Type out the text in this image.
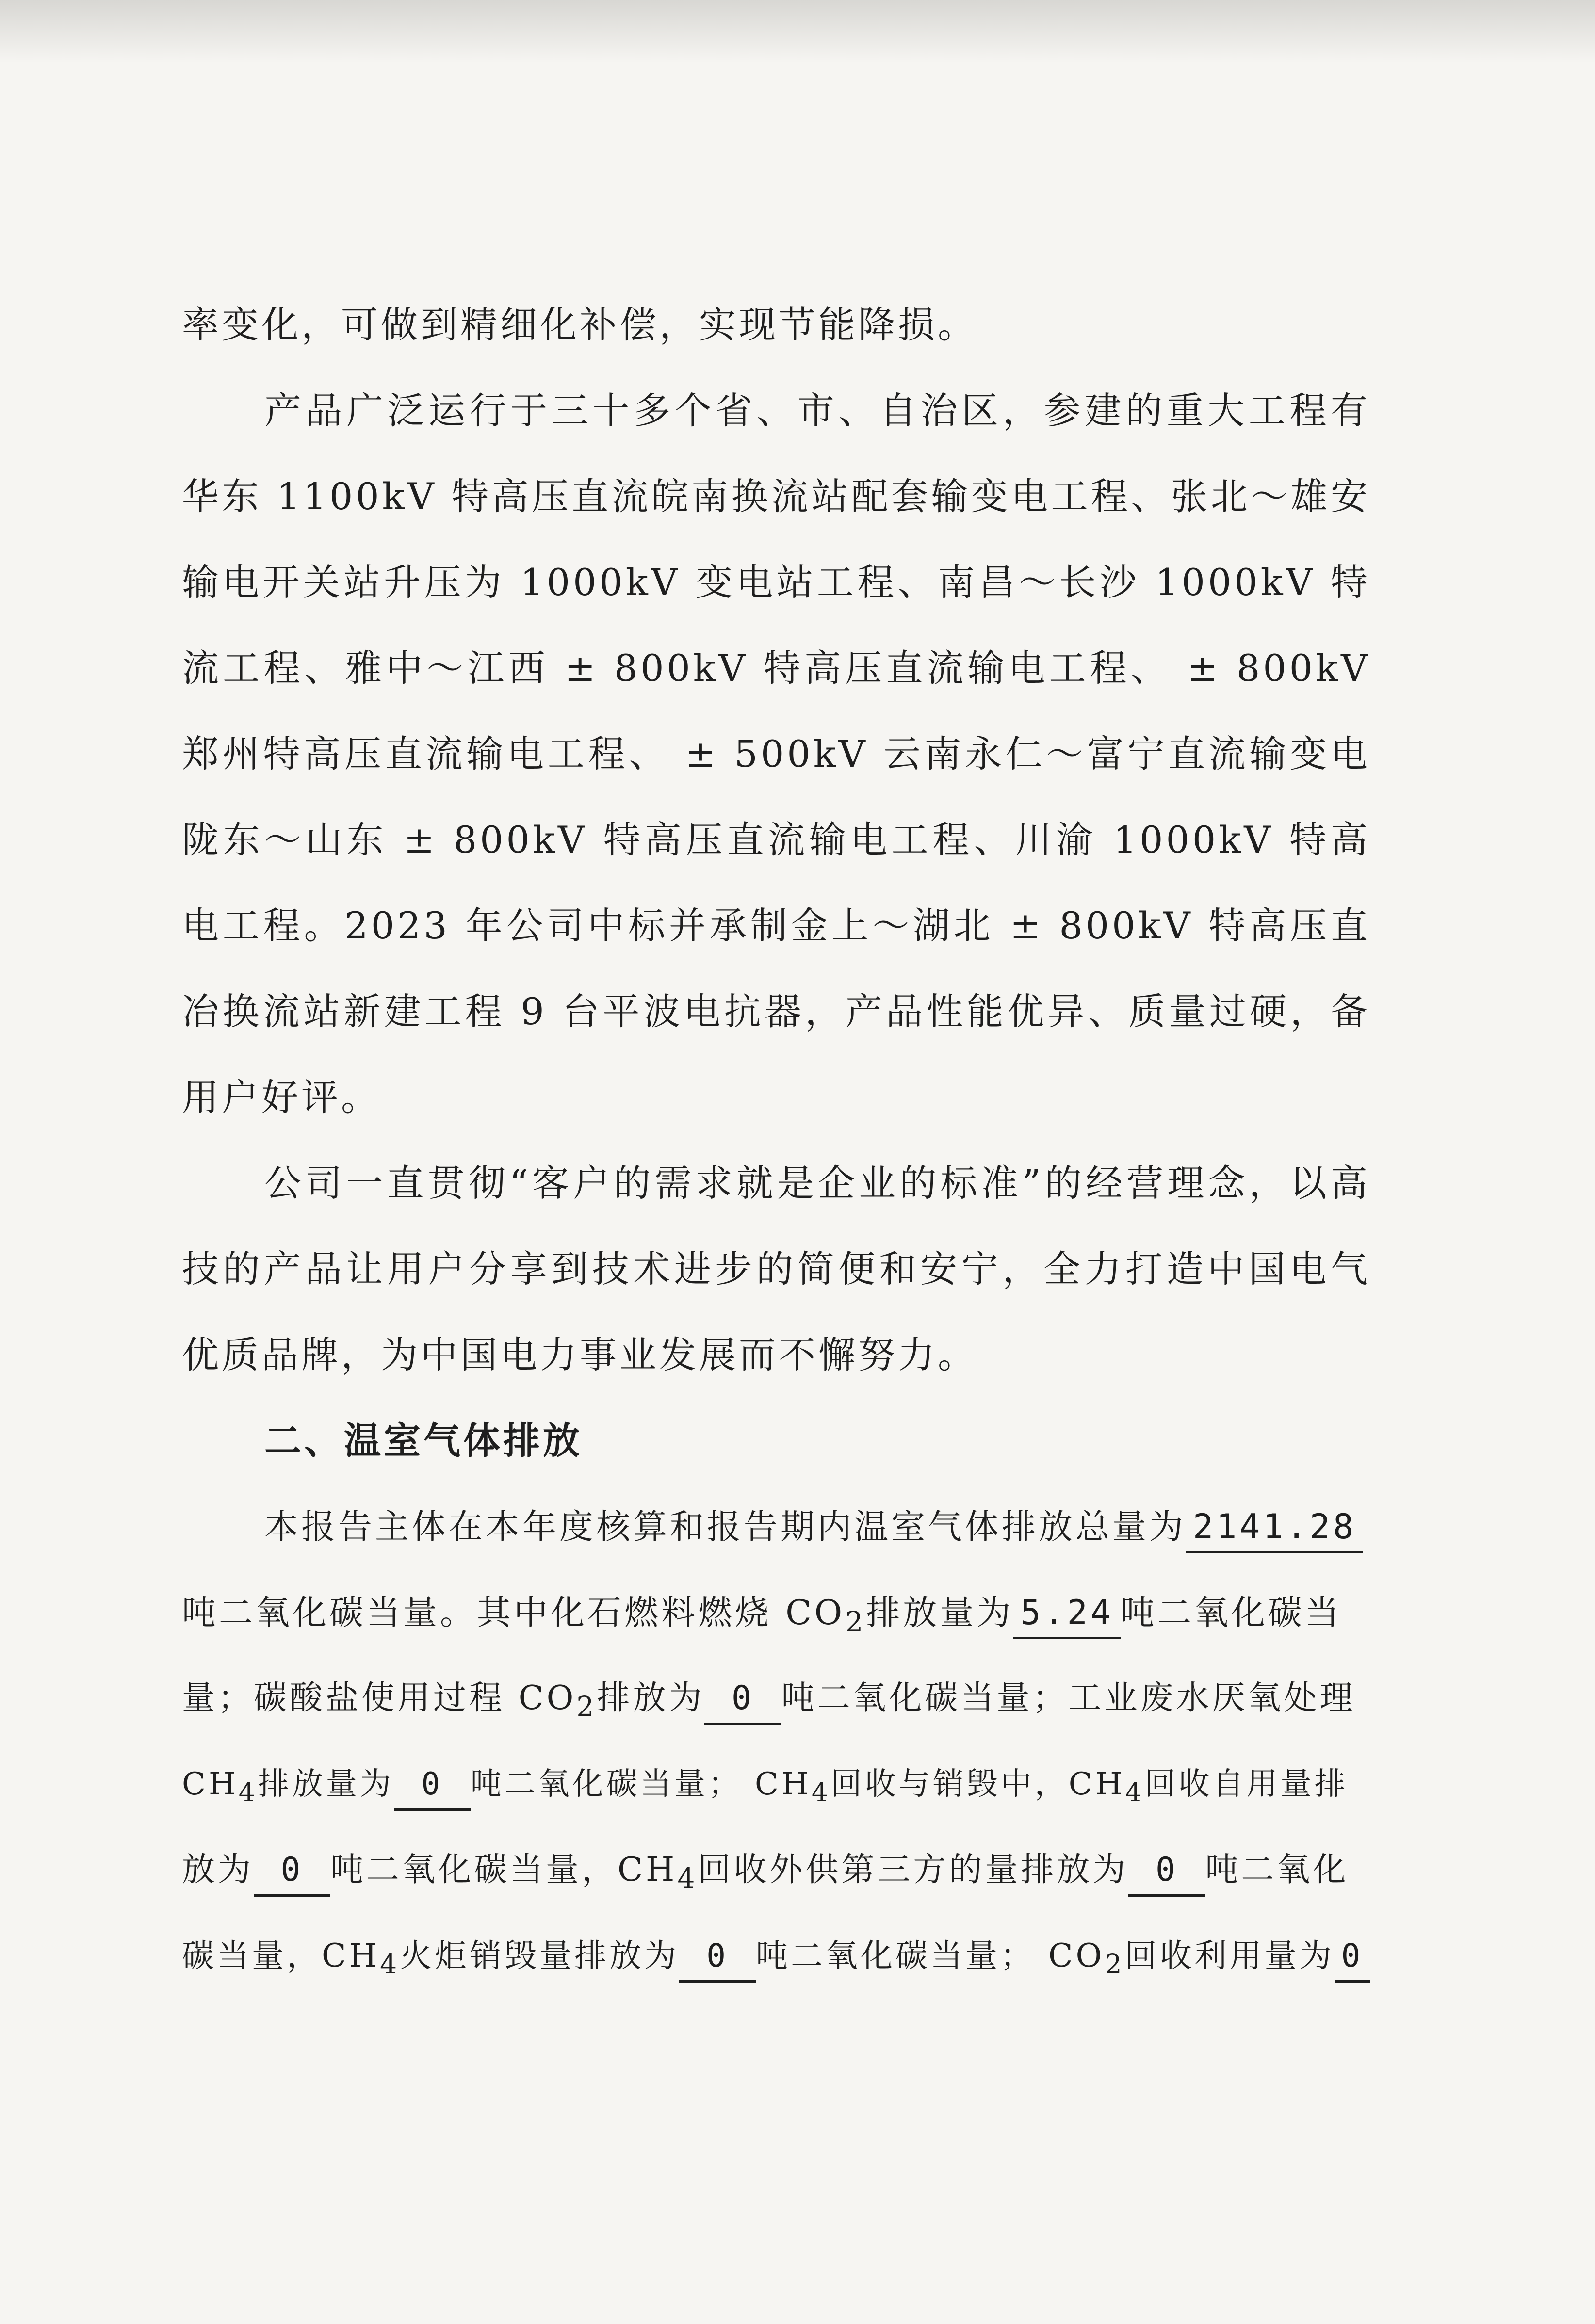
率变化，可做到精细化补偿，实现节能降损。
产品广泛运行于三十多个省、市、自治区，参建的重大工程有
华东 1100kV 特高压直流皖南换流站配套输变电工程、张北～雄安
输电开关站升压为 1000kV 变电站工程、南昌～长沙 1000kV 特
流工程、雅中～江西 ± 800kV 特高压直流输电工程、 ± 800kV
郑州特高压直流输电工程、 ± 500kV 云南永仁～富宁直流输变电
陇东～山东 ± 800kV 特高压直流输电工程、川渝 1000kV 特高
电工程。2023 年公司中标并承制金上～湖北 ± 800kV 特高压直
冶换流站新建工程 9 台平波电抗器，产品性能优异、质量过硬，备
用户好评。
公司一直贯彻“客户的需求就是企业的标准”的经营理念，以高
技的产品让用户分享到技术进步的简便和安宁，全力打造中国电气
优质品牌，为中国电力事业发展而不懈努力。
二、温室气体排放
本报告主体在本年度核算和报告期内温室气体排放总量为 2141.28
吨二氧化碳当量。其中化石燃料燃烧 $CO_2$排放量为 5.24 吨二氧化碳当
量；碳酸盐使用过程 $CO_2$排放为 0 吨二氧化碳当量；工业废水厌氧处理
$CH_4$排放量为 0 吨二氧化碳当量； $CH_4$回收与销毁中，$CH_4$回收自用量排
放为 0 吨二氧化碳当量，$CH_4$回收外供第三方的量排放为 0 吨二氧化
碳当量，$CH_4$火炬销毁量排放为 0 吨二氧化碳当量； $CO_2$回收利用量为 0
